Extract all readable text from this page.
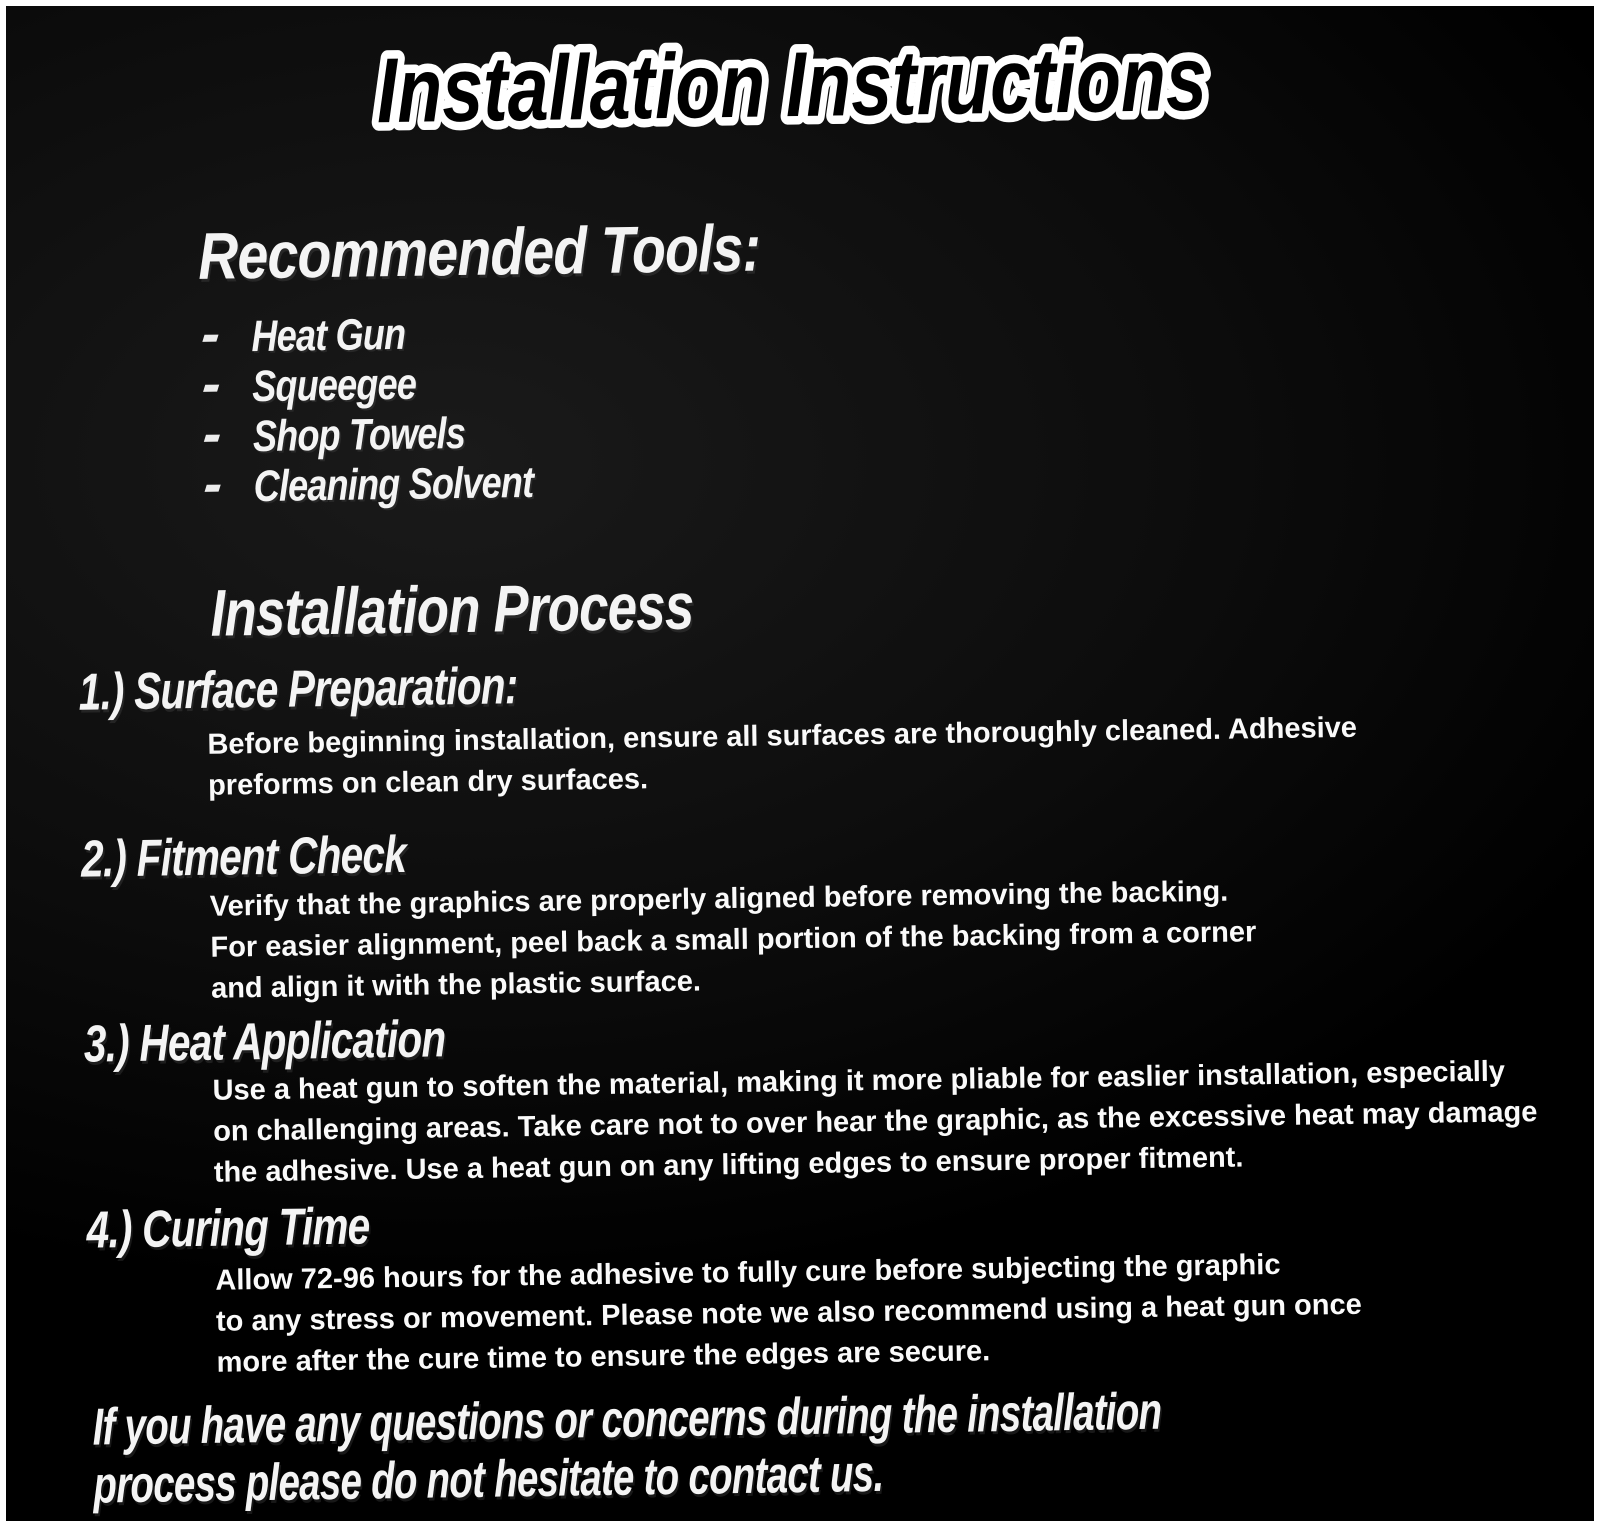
Installation Instructions
Recommended Tools:
Heat Gun
Squeegee
Shop Towels
Cleaning Solvent
Installation Process
1.) Surface Preparation:
Before beginning installation, ensure all surfaces are thoroughly cleaned. Adhesive
preforms on clean dry surfaces.
2.) Fitment Check
Verify that the graphics are properly aligned before removing the backing.
For easier alignment, peel back a small portion of the backing from a corner
and align it with the plastic surface.
3.) Heat Application
Use a heat gun to soften the material, making it more pliable for easlier installation, especially
on challenging areas. Take care not to over hear the graphic, as the excessive heat may damage
the adhesive. Use a heat gun on any lifting edges to ensure proper fitment.
4.) Curing Time
Allow 72-96 hours for the adhesive to fully cure before subjecting the graphic
to any stress or movement. Please note we also recommend using a heat gun once
more after the cure time to ensure the edges are secure.
If you have any questions or concerns during the installation
process please do not hesitate to contact us.
